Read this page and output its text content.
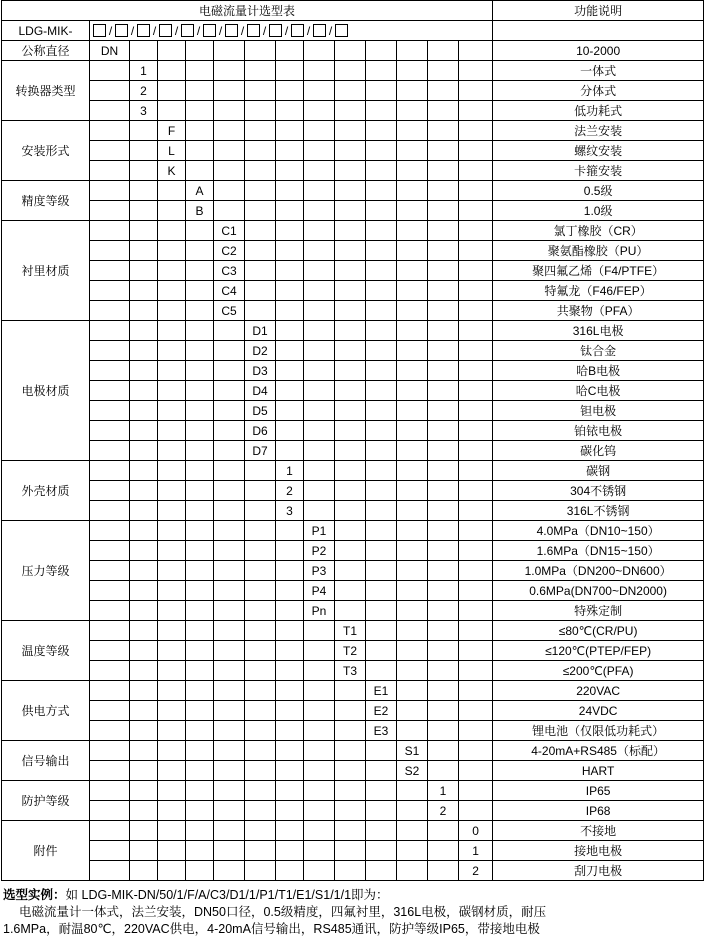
电磁流量计选型表														功能说明
LDG-MIK-	/ / / / / / / / / / /

公称直径	DN													10-2000
转换器类型		1												一体式
		2												分体式
		3												低功耗式
安装形式			F											法兰安装
			L											螺纹安装
			K											卡箍安装
精度等级				A										0.5级
				B										1.0级
衬里材质					C1									氯丁橡胶（CR）
					C2									聚氨酯橡胶（PU）
					C3									聚四氟乙烯（F4/PTFE）
					C4									特氟龙（F46/FEP）
					C5									共聚物（PFA）
电极材质						D1								316L电极
						D2								钛合金
						D3								哈B电极
						D4								哈C电极
						D5								钽电极
						D6								铂铱电极
						D7								碳化钨
外壳材质							1							碳钢
							2							304不锈钢
							3							316L不锈钢
压力等级								P1						4.0MPa（DN10~150）
								P2						1.6MPa（DN15~150）
								P3						1.0MPa（DN200~DN600）
								P4						0.6MPa(DN700~DN2000)
								Pn						特殊定制
温度等级									T1					≤80℃(CR/PU)
									T2					≤120℃(PTEP/FEP)
									T3					≤200℃(PFA)
供电方式										E1				220VAC
										E2				24VDC
										E3				锂电池（仅限低功耗式）
信号输出											S1			4-20mA+RS485（标配）
											S2			HART
防护等级												1		IP65
												2		IP68
附件													0	不接地
													1	接地电极
													2	刮刀电极
选型实例：如 LDG-MIK-DN/50/1/F/A/C3/D1/1/P1/T1/E1/S1/1/1即为：
电磁流量计一体式，法兰安装，DN50口径，0.5级精度，四氟衬里，316L电极，碳钢材质，耐压
1.6MPa，耐温80℃，220VAC供电，4-20mA信号输出，RS485通讯，防护等级IP65，带接地电极
